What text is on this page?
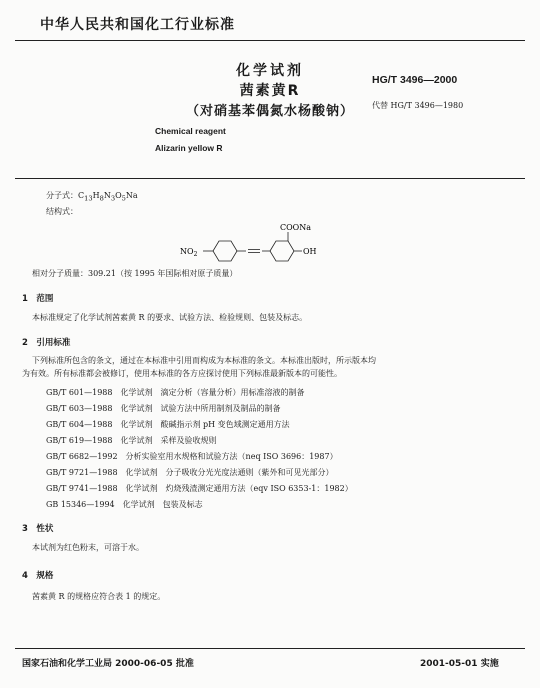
中华人民共和国化工行业标准
化学试剂
茜素黄R
（对硝基苯偶氮水杨酸钠）
HG/T 3496—2000
代替 HG/T 3496—1980
Chemical reagent
Alizarin yellow R
分子式：$C_{13}H_8N_3O_5Na$
结构式：
$NO_2$
COONa
OH
相对分子质量：309.21（按 1995 年国际相对原子质量）
1　范围
本标准规定了化学试剂茜素黄 R 的要求、试验方法、检验规则、包装及标志。
2　引用标准
下列标准所包含的条文，通过在本标准中引用而构成为本标准的条文。本标准出版时，所示版本均
为有效。所有标准都会被修订，使用本标准的各方应探讨使用下列标准最新版本的可能性。
GB/T 601—1988　化学试剂　滴定分析（容量分析）用标准溶液的制备
GB/T 603—1988　化学试剂　试验方法中所用制剂及制品的制备
GB/T 604—1988　化学试剂　酸碱指示剂 pH 变色域测定通用方法
GB/T 619—1988　化学试剂　采样及验收规则
GB/T 6682—1992　分析实验室用水规格和试验方法（neq ISO 3696：1987）
GB/T 9721—1988　化学试剂　分子吸收分光光度法通则（紫外和可见光部分）
GB/T 9741—1988　化学试剂　灼烧残渣测定通用方法（eqv ISO 6353-1：1982）
GB 15346—1994　化学试剂　包装及标志
3　性状
本试剂为红色粉末，可溶于水。
4　规格
茜素黄 R 的规格应符合表 1 的规定。
国家石油和化学工业局 2000-06-05 批准	2001-05-01 实施
